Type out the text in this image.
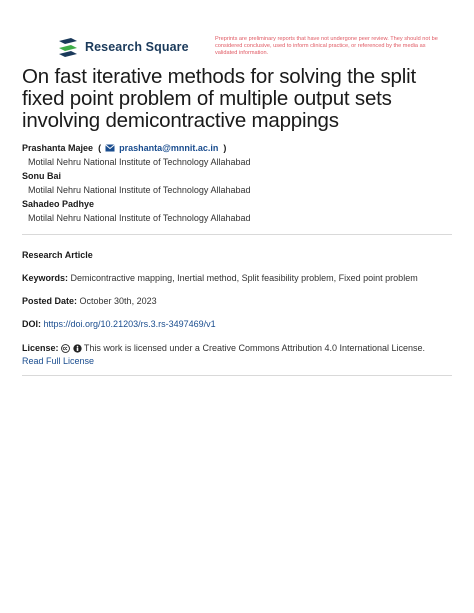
Research Square
Preprints are preliminary reports that have not undergone peer review. They should not be considered conclusive, used to inform clinical practice, or referenced by the media as validated information.
On fast iterative methods for solving the split fixed point problem of multiple output sets involving demicontractive mappings
Prashanta Majee  ( prashanta@mnnit.ac.in  )
Motilal Nehru National Institute of Technology Allahabad
Sonu Bai
Motilal Nehru National Institute of Technology Allahabad
Sahadeo Padhye
Motilal Nehru National Institute of Technology Allahabad
Research Article
Keywords: Demicontractive mapping, Inertial method, Split feasibility problem, Fixed point problem
Posted Date: October 30th, 2023
DOI: https://doi.org/10.21203/rs.3.rs-3497469/v1
License:	This work is licensed under a Creative Commons Attribution 4.0 International License.
Read Full License
